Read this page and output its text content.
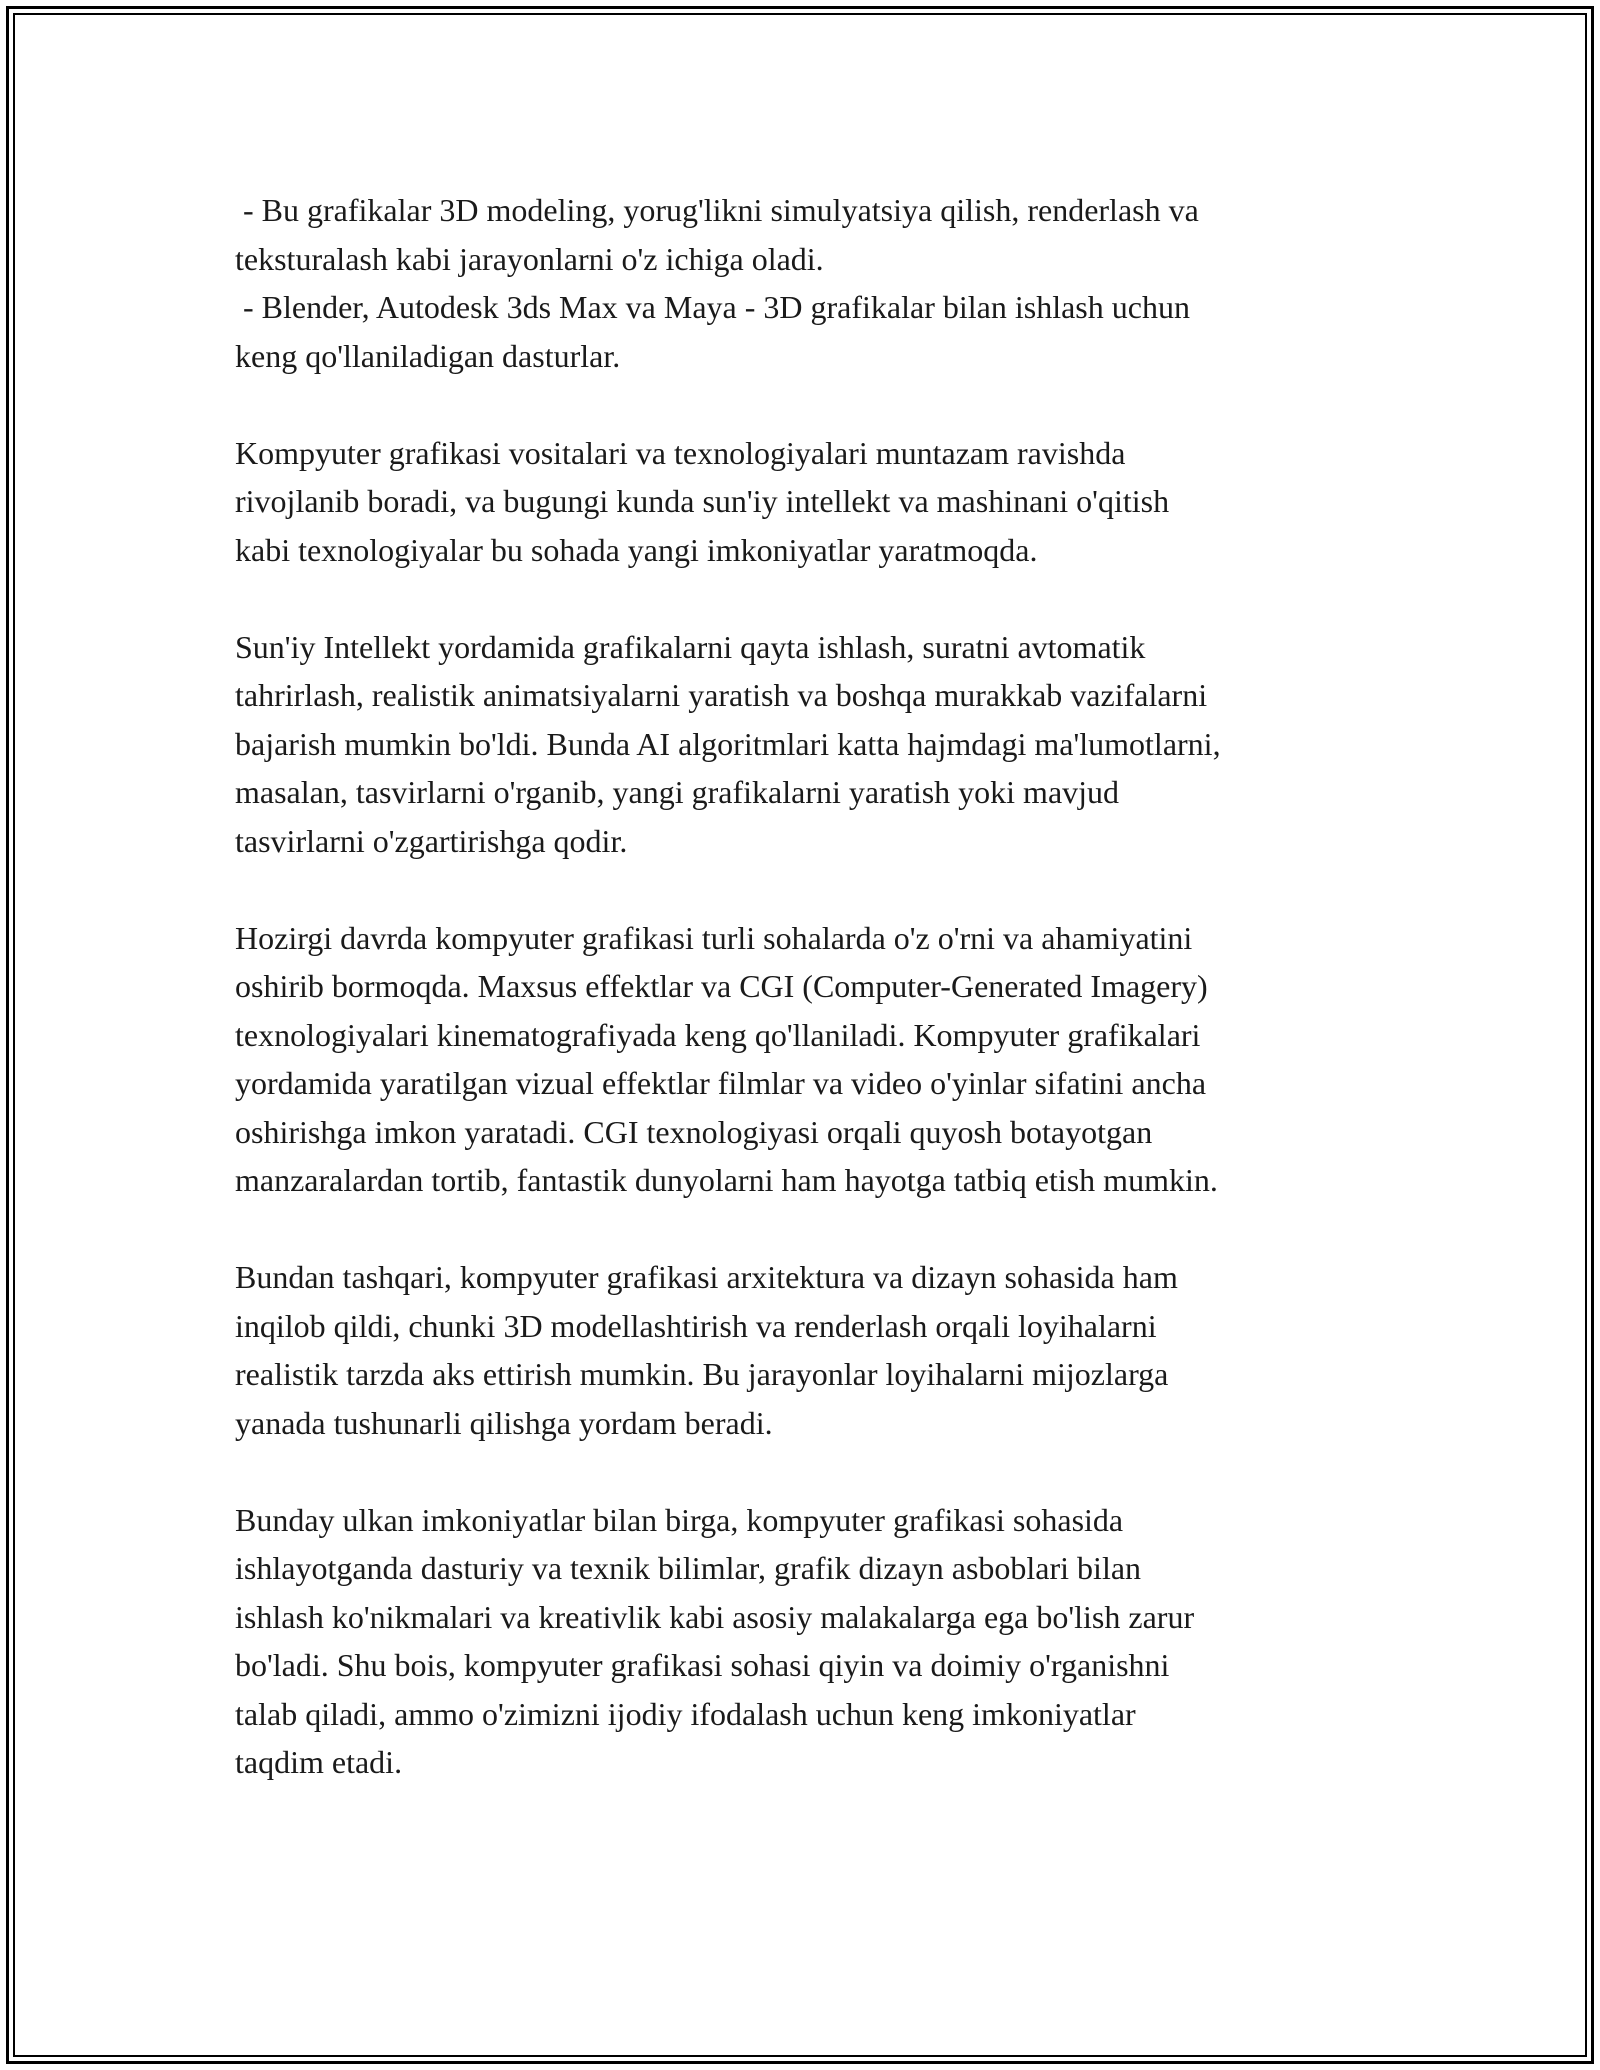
- Bu grafikalar 3D modeling, yorug'likni simulyatsiya qilish, renderlash va
teksturalash kabi jarayonlarni o'z ichiga oladi.
- Blender, Autodesk 3ds Max va Maya - 3D grafikalar bilan ishlash uchun
keng qo'llaniladigan dasturlar.

Kompyuter grafikasi vositalari va texnologiyalari muntazam ravishda
rivojlanib boradi, va bugungi kunda sun'iy intellekt va mashinani o'qitish
kabi texnologiyalar bu sohada yangi imkoniyatlar yaratmoqda.

Sun'iy Intellekt yordamida grafikalarni qayta ishlash, suratni avtomatik
tahrirlash, realistik animatsiyalarni yaratish va boshqa murakkab vazifalarni
bajarish mumkin bo'ldi. Bunda AI algoritmlari katta hajmdagi ma'lumotlarni,
masalan, tasvirlarni o'rganib, yangi grafikalarni yaratish yoki mavjud
tasvirlarni o'zgartirishga qodir.

Hozirgi davrda kompyuter grafikasi turli sohalarda o'z o'rni va ahamiyatini
oshirib bormoqda. Maxsus effektlar va CGI (Computer-Generated Imagery)
texnologiyalari kinematografiyada keng qo'llaniladi. Kompyuter grafikalari
yordamida yaratilgan vizual effektlar filmlar va video o'yinlar sifatini ancha
oshirishga imkon yaratadi. CGI texnologiyasi orqali quyosh botayotgan
manzaralardan tortib, fantastik dunyolarni ham hayotga tatbiq etish mumkin.

Bundan tashqari, kompyuter grafikasi arxitektura va dizayn sohasida ham
inqilob qildi, chunki 3D modellashtirish va renderlash orqali loyihalarni
realistik tarzda aks ettirish mumkin. Bu jarayonlar loyihalarni mijozlarga
yanada tushunarli qilishga yordam beradi.

Bunday ulkan imkoniyatlar bilan birga, kompyuter grafikasi sohasida
ishlayotganda dasturiy va texnik bilimlar, grafik dizayn asboblari bilan
ishlash ko'nikmalari va kreativlik kabi asosiy malakalarga ega bo'lish zarur
bo'ladi. Shu bois, kompyuter grafikasi sohasi qiyin va doimiy o'rganishni
talab qiladi, ammo o'zimizni ijodiy ifodalash uchun keng imkoniyatlar
taqdim etadi.
